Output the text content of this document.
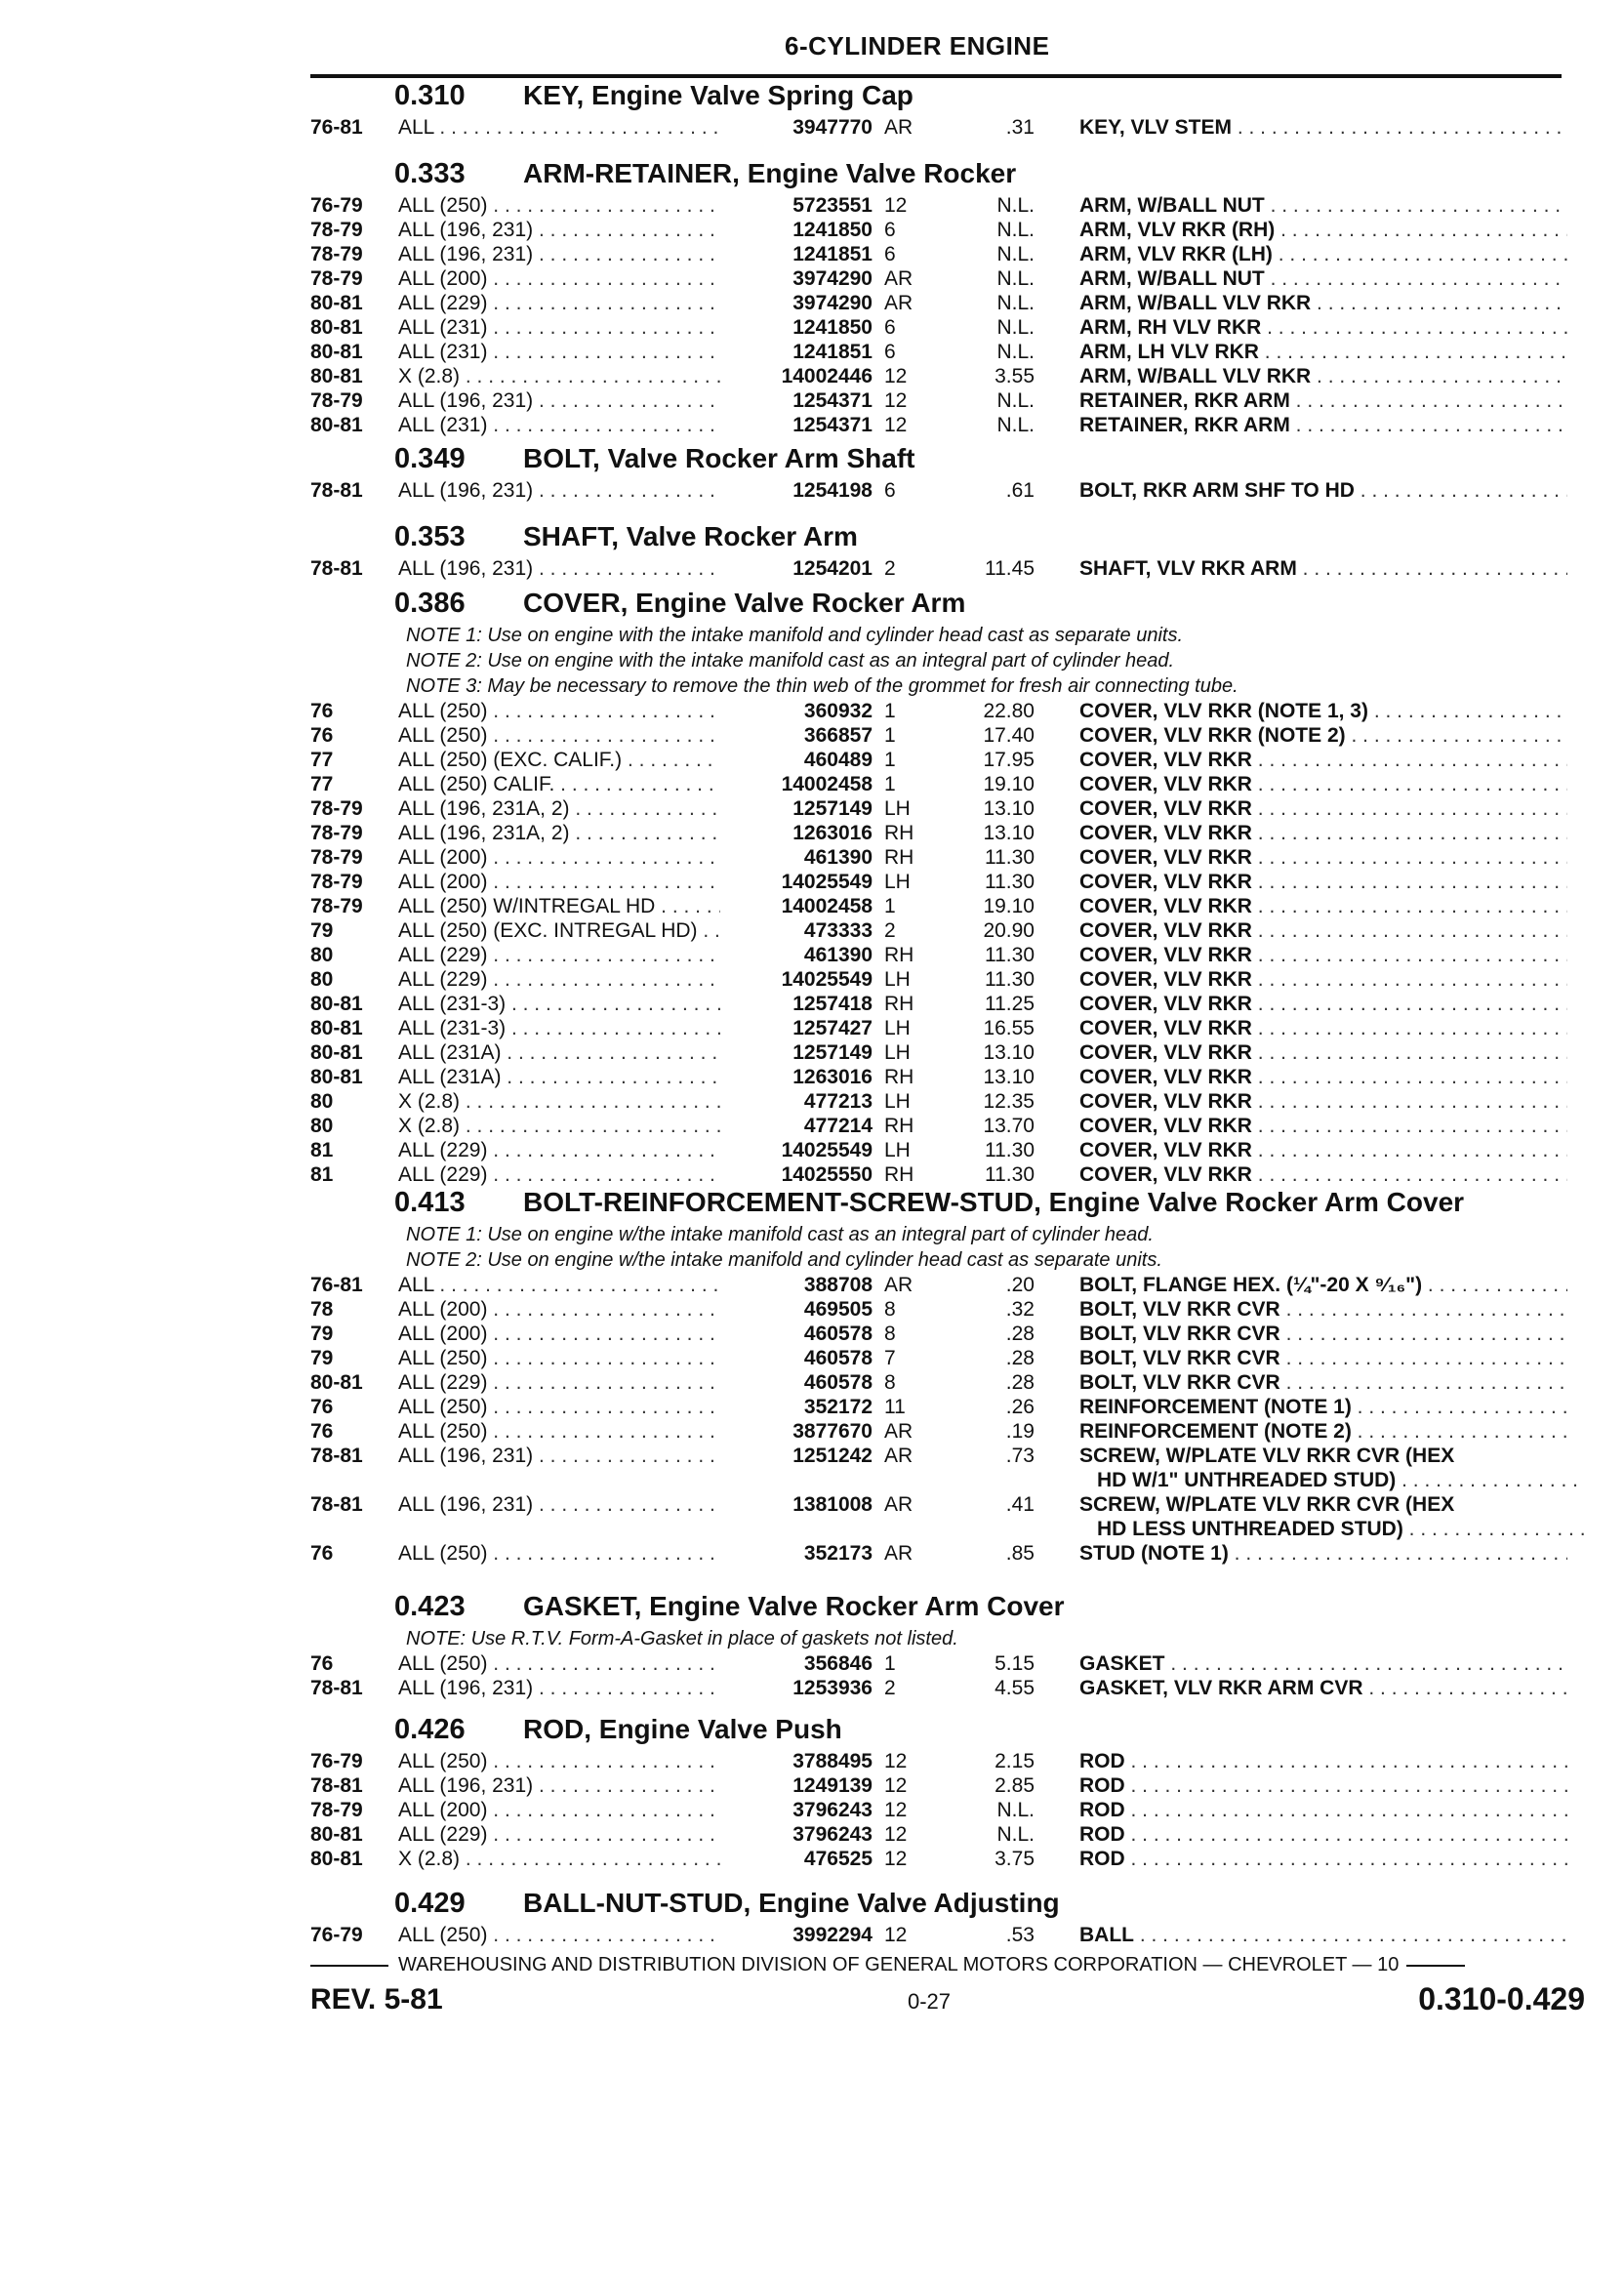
6-CYLINDER ENGINE
0.310 KEY, Engine Valve Spring Cap
76-81	ALL . . .	3947770 AR	.31 KEY, VLV STEM . . .
0.333 ARM-RETAINER, Engine Valve Rocker
76-79	ALL (250) . . .	5723551 12	N.L. ARM, W/BALL NUT . . .
78-79	ALL (196, 231) . . .	1241850 6	N.L. ARM, VLV RKR (RH) . . .
78-79	ALL (196, 231) . . .	1241851 6	N.L. ARM, VLV RKR (LH) . . .
78-79	ALL (200) . . .	3974290 AR	N.L. ARM, W/BALL NUT . . .
80-81	ALL (229) . . .	3974290 AR	N.L. ARM, W/BALL VLV RKR . . .
80-81	ALL (231) . . .	1241850 6	N.L. ARM, RH VLV RKR . . .
80-81	ALL (231) . . .	1241851 6	N.L. ARM, LH VLV RKR . . .
80-81	X (2.8) . . .	14002446 12	3.55 ARM, W/BALL VLV RKR . . .
78-79	ALL (196, 231) . . .	1254371 12	N.L. RETAINER, RKR ARM . . .
80-81	ALL (231) . . .	1254371 12	N.L. RETAINER, RKR ARM . . .
0.349 BOLT, Valve Rocker Arm Shaft
78-81	ALL (196, 231) . . .	1254198 6	.61 BOLT, RKR ARM SHF TO HD . . .
0.353 SHAFT, Valve Rocker Arm
78-81	ALL (196, 231) . . .	1254201 2	11.45 SHAFT, VLV RKR ARM . . .
0.386 COVER, Engine Valve Rocker Arm
NOTE 1: Use on engine with the intake manifold and cylinder head cast as separate units.
NOTE 2: Use on engine with the intake manifold cast as an integral part of cylinder head.
NOTE 3: May be necessary to remove the thin web of the grommet for fresh air connecting tube.
76	ALL (250) . . .	360932 1	22.80 COVER, VLV RKR (NOTE 1, 3) . . .
76	ALL (250) . . .	366857 1	17.40 COVER, VLV RKR (NOTE 2) . . .
77	ALL (250) (EXC. CALIF.) . . .	460489 1	17.95 COVER, VLV RKR . . .
77	ALL (250) CALIF. . . .	14002458 1	19.10 COVER, VLV RKR . . .
78-79	ALL (196, 231A, 2) . . .	1257149 LH	13.10 COVER, VLV RKR . . .
78-79	ALL (196, 231A, 2) . . .	1263016 RH	13.10 COVER, VLV RKR . . .
78-79	ALL (200) . . .	461390 RH	11.30 COVER, VLV RKR . . .
78-79	ALL (200) . . .	14025549 LH	11.30 COVER, VLV RKR . . .
78-79	ALL (250) W/INTREGAL HD . . .	14002458 1	19.10 COVER, VLV RKR . . .
79	ALL (250) (EXC. INTREGAL HD) . . .	473333 2	20.90 COVER, VLV RKR . . .
80	ALL (229) . . .	461390 RH	11.30 COVER, VLV RKR . . .
80	ALL (229) . . .	14025549 LH	11.30 COVER, VLV RKR . . .
80-81	ALL (231-3) . . .	1257418 RH	11.25 COVER, VLV RKR . . .
80-81	ALL (231-3) . . .	1257427 LH	16.55 COVER, VLV RKR . . .
80-81	ALL (231A) . . .	1257149 LH	13.10 COVER, VLV RKR . . .
80-81	ALL (231A) . . .	1263016 RH	13.10 COVER, VLV RKR . . .
80	X (2.8) . . .	477213 LH	12.35 COVER, VLV RKR . . .
80	X (2.8) . . .	477214 RH	13.70 COVER, VLV RKR . . .
81	ALL (229) . . .	14025549 LH	11.30 COVER, VLV RKR . . .
81	ALL (229) . . .	14025550 RH	11.30 COVER, VLV RKR . . .
0.413 BOLT-REINFORCEMENT-SCREW-STUD, Engine Valve Rocker Arm Cover
NOTE 1: Use on engine w/the intake manifold cast as an integral part of cylinder head.
NOTE 2: Use on engine w/the intake manifold and cylinder head cast as separate units.
76-81	ALL . . .	388708 AR	.20 BOLT, FLANGE HEX. (¼"-20 X ⁹⁄₁₆") . . .
78	ALL (200) . . .	469505 8	.32 BOLT, VLV RKR CVR . . .
79	ALL (200) . . .	460578 8	.28 BOLT, VLV RKR CVR . . .
79	ALL (250) . . .	460578 7	.28 BOLT, VLV RKR CVR . . .
80-81	ALL (229) . . .	460578 8	.28 BOLT, VLV RKR CVR . . .
76	ALL (250) . . .	352172 11	.26 REINFORCEMENT (NOTE 1) . . .
76	ALL (250) . . .	3877670 AR	.19 REINFORCEMENT (NOTE 2) . . .
78-81	ALL (196, 231) . . .	1251242 AR	.73 SCREW, W/PLATE VLV RKR CVR (HEX
HD W/1" UNTHREADED STUD) . . .
78-81	ALL (196, 231) . . .	1381008 AR	.41 SCREW, W/PLATE VLV RKR CVR (HEX
HD LESS UNTHREADED STUD) . . .
76	ALL (250) . . .	352173 AR	.85 STUD (NOTE 1) . . .
0.423 GASKET, Engine Valve Rocker Arm Cover
NOTE: Use R.T.V. Form-A-Gasket in place of gaskets not listed.
76	ALL (250) . . .	356846 1	5.15 GASKET . . .
78-81	ALL (196, 231) . . .	1253936 2	4.55 GASKET, VLV RKR ARM CVR . . .
0.426 ROD, Engine Valve Push
76-79	ALL (250) . . .	3788495 12	2.15 ROD . . .
78-81	ALL (196, 231) . . .	1249139 12	2.85 ROD . . .
78-79	ALL (200) . . .	3796243 12	N.L. ROD . . .
80-81	ALL (229) . . .	3796243 12	N.L. ROD . . .
80-81	X (2.8) . . .	476525 12	3.75 ROD . . .
0.429 BALL-NUT-STUD, Engine Valve Adjusting
76-79	ALL (250) . . .	3992294 12	.53 BALL . . .
WAREHOUSING AND DISTRIBUTION DIVISION OF GENERAL MOTORS CORPORATION — CHEVROLET — 10
REV. 5-81	0-27	0.310-0.429
